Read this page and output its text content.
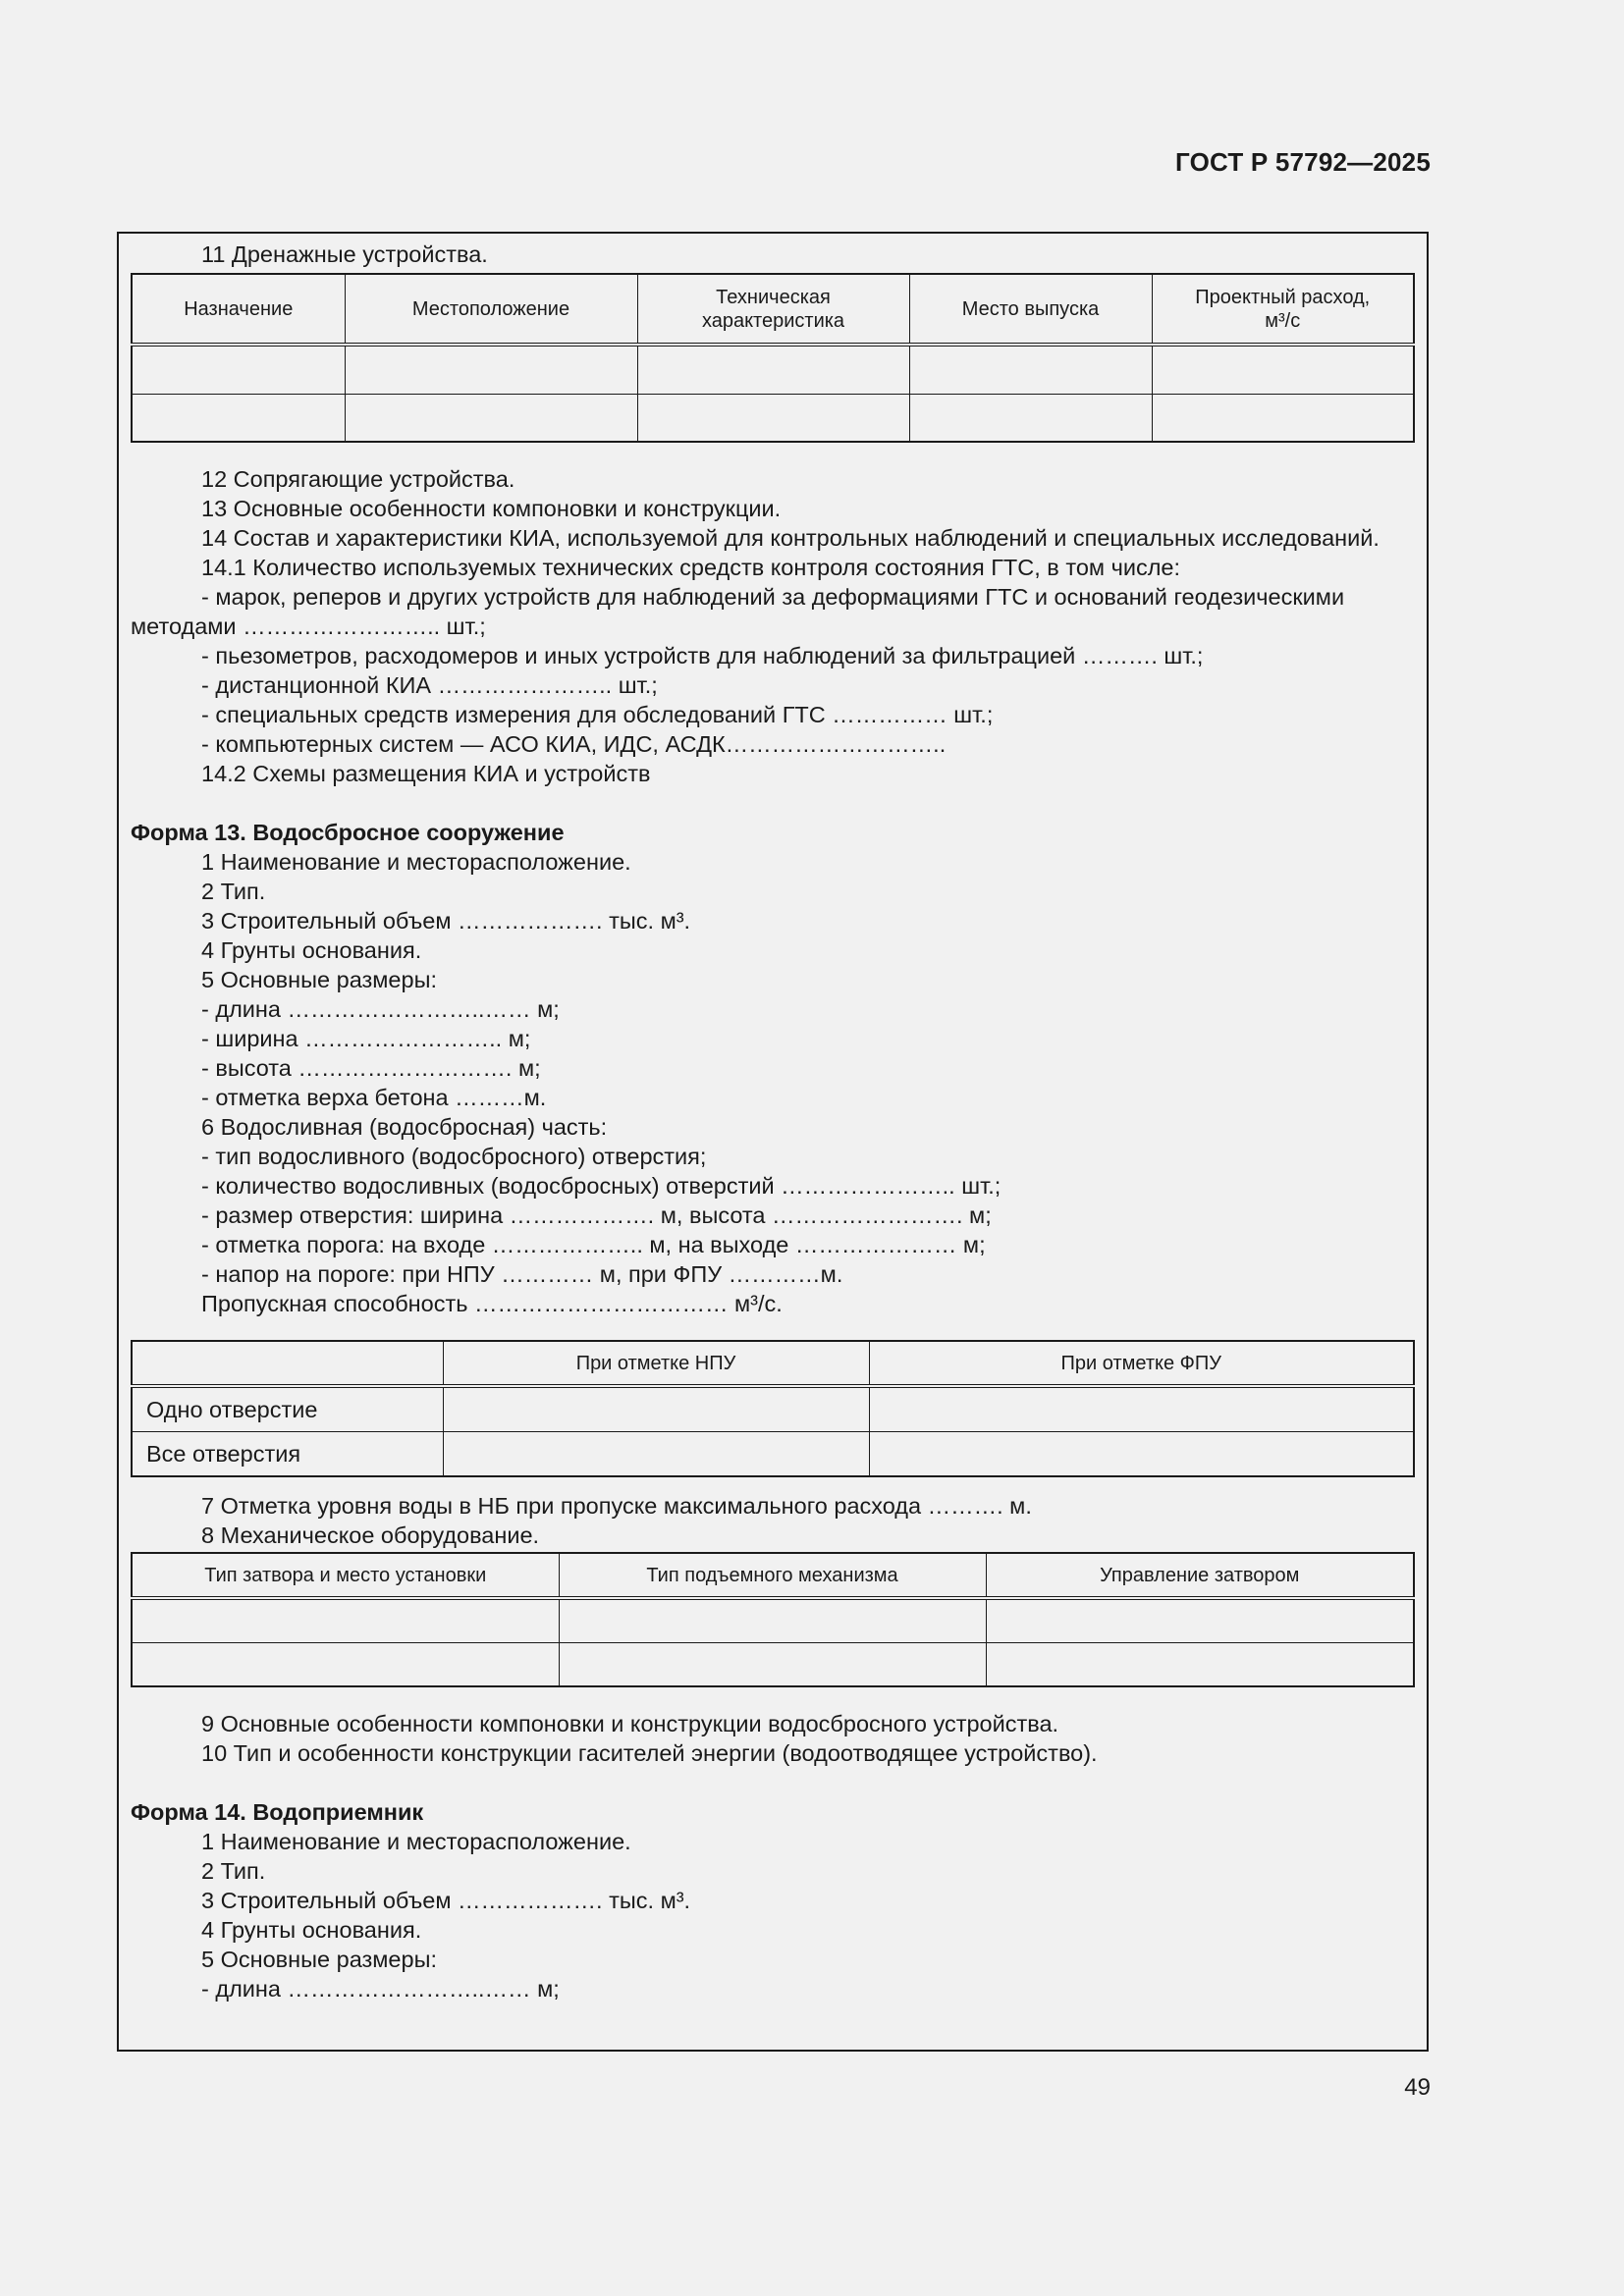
ГОСТ Р 57792—2025

11 Дренажные устройства.

Назначение	Местоположение	Техническая характеристика	Место выпуска	Проектный расход, м³/с

12 Сопрягающие устройства.

13 Основные особенности компоновки и конструкции.

14 Состав и характеристики КИА, используемой для контрольных наблюдений и специальных исследований.

14.1 Количество используемых технических средств контроля состояния ГТС, в том числе:

- марок, реперов и других устройств для наблюдений за деформациями ГТС и оснований геодезическими

методами …………………….. шт.;

- пьезометров, расходомеров и иных устройств для наблюдений за фильтрацией ………. шт.;

- дистанционной КИА ………………….. шт.;

- специальных средств измерения для обследований ГТС …………… шт.;

- компьютерных систем — АСО КИА, ИДС, АСДК………………………..

14.2 Схемы размещения КИА и устройств

Форма 13. Водосбросное сооружение

1 Наименование и месторасположение.

2 Тип.

3 Строительный объем ………………. тыс. м³.

4 Грунты основания.

5 Основные размеры:

- длина ……………………..…… м;

- ширина …………………….. м;

- высота ………………………. м;

- отметка верха бетона ………м.

6 Водосливная (водосбросная) часть:

- тип водосливного (водосбросного) отверстия;

- количество водосливных (водосбросных) отверстий ………………….. шт.;

- размер отверстия: ширина ………………. м, высота ……………………. м;

- отметка порога: на входе ……………….. м, на выходе ………………… м;

- напор на пороге: при НПУ ………… м, при ФПУ …………м.

Пропускная способность …………………………… м³/с.

	При отметке НПУ	При отметке ФПУ
Одно отверстие		
Все отверстия		

7 Отметка уровня воды в НБ при пропуске максимального расхода ………. м.

8 Механическое оборудование.

Тип затвора и место установки	Тип подъемного механизма	Управление затвором

9 Основные особенности компоновки и конструкции водосбросного устройства.

10 Тип и особенности конструкции гасителей энергии (водоотводящее устройство).

Форма 14. Водоприемник

1 Наименование и месторасположение.

2 Тип.

3 Строительный объем ………………. тыс. м³.

4 Грунты основания.

5 Основные размеры:

- длина ……………………..…… м;

49
